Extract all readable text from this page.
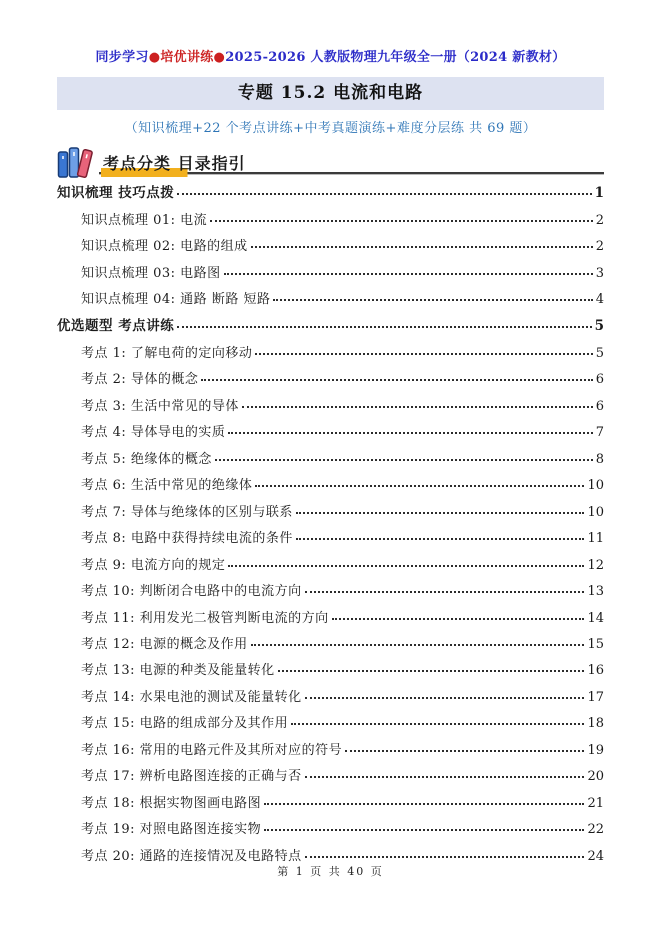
同步学习●培优讲练●2025-2026 人教版物理九年级全一册（2024 新教材）
专题 15.2 电流和电路
（知识梳理+22 个考点讲练+中考真题演练+难度分层练 共 69 题）
考点分类 目录指引
知识梳理 技巧点拨	1
知识点梳理 01: 电流	2
知识点梳理 02: 电路的组成	2
知识点梳理 03: 电路图	3
知识点梳理 04: 通路 断路 短路	4
优选题型 考点讲练	5
考点 1: 了解电荷的定向移动	5
考点 2: 导体的概念	6
考点 3: 生活中常见的导体	6
考点 4: 导体导电的实质	7
考点 5: 绝缘体的概念	8
考点 6: 生活中常见的绝缘体	10
考点 7: 导体与绝缘体的区别与联系	10
考点 8: 电路中获得持续电流的条件	11
考点 9: 电流方向的规定	12
考点 10: 判断闭合电路中的电流方向	13
考点 11: 利用发光二极管判断电流的方向	14
考点 12: 电源的概念及作用	15
考点 13: 电源的种类及能量转化	16
考点 14: 水果电池的测试及能量转化	17
考点 15: 电路的组成部分及其作用	18
考点 16: 常用的电路元件及其所对应的符号	19
考点 17: 辨析电路图连接的正确与否	20
考点 18: 根据实物图画电路图	21
考点 19: 对照电路图连接实物	22
考点 20: 通路的连接情况及电路特点	24
第 1 页 共 40 页
